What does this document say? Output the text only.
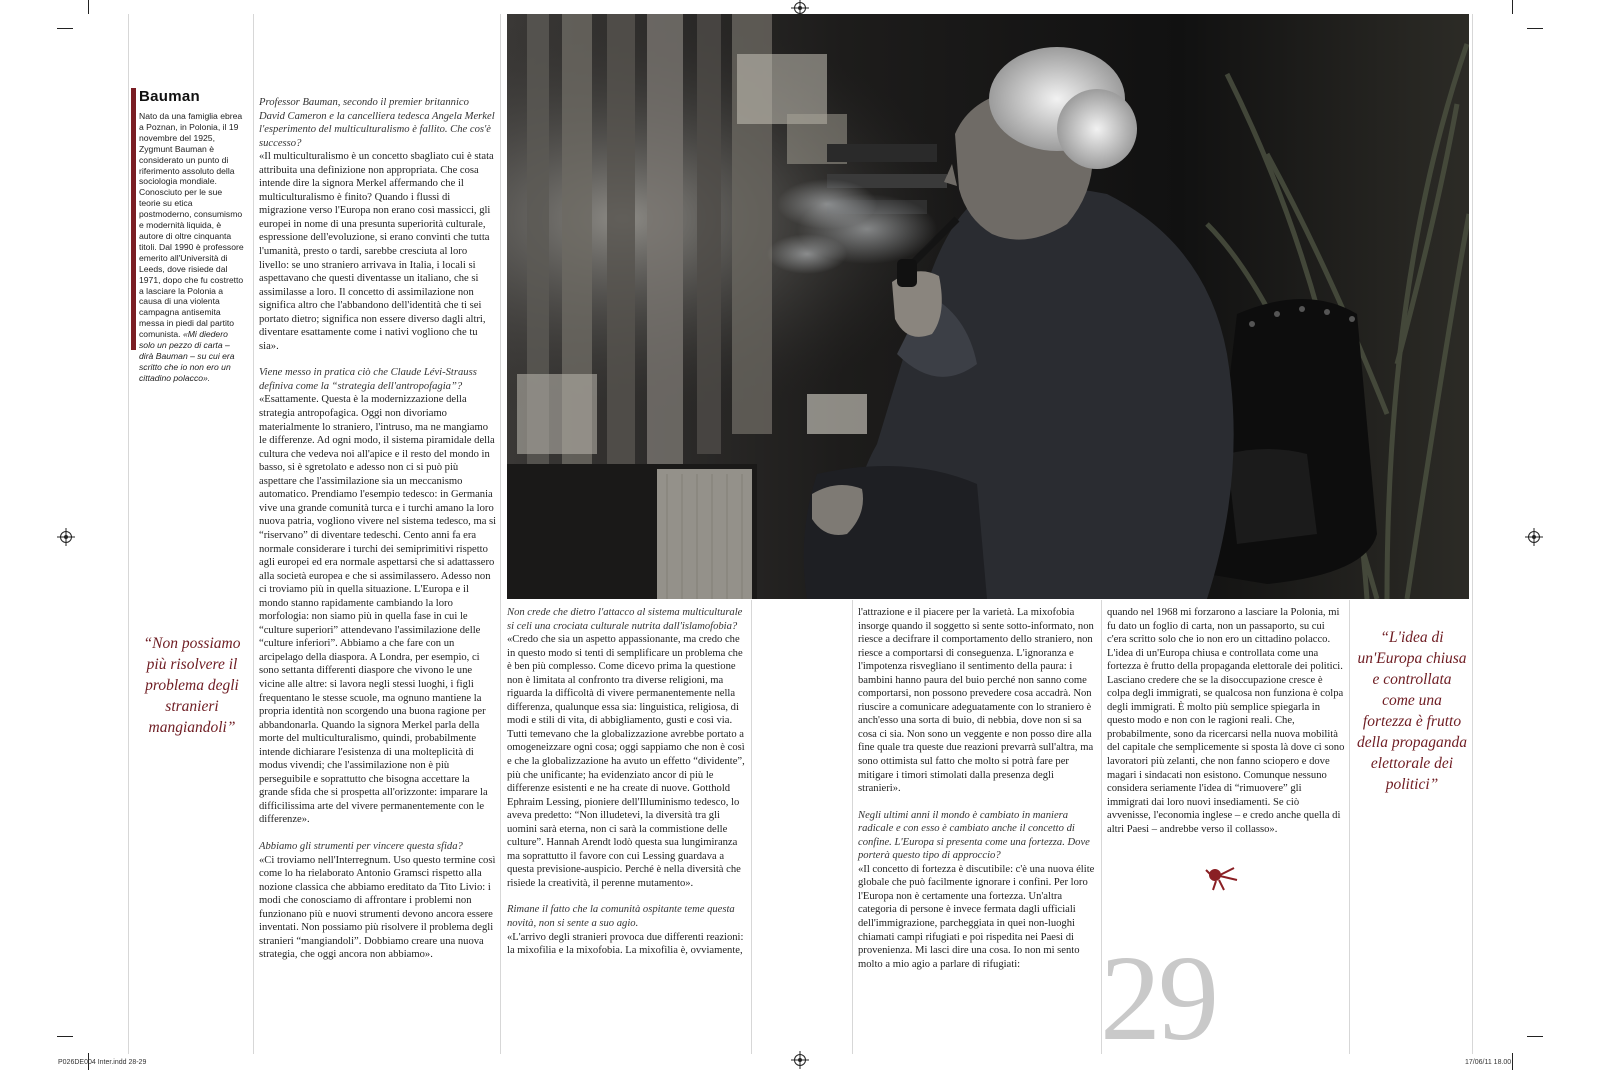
Bauman

Nato da una famiglia ebrea a Poznan, in Polonia, il 19 novembre del 1925, Zygmunt Bauman è considerato un punto di riferimento assoluto della sociologia mondiale. Conosciuto per le sue teorie su etica postmoderno, consumismo e modernità liquida, è autore di oltre cinquanta titoli. Dal 1990 è professore emerito all'Università di Leeds, dove risiede dal 1971, dopo che fu costretto a lasciare la Polonia a causa di una violenta campagna antisemita messa in piedi dal partito comunista. «Mi diedero solo un pezzo di carta – dirà Bauman – su cui era scritto che io non ero un cittadino polacco».

Professor Bauman, secondo il premier britannico David Cameron e la cancelliera tedesca Angela Merkel l'esperimento del multiculturalismo è fallito. Che cos'è successo?

«Il multiculturalismo è un concetto sbagliato cui è stata attribuita una definizione non appropriata. Che cosa intende dire la signora Merkel affermando che il multiculturalismo è finito? Quando i flussi di migrazione verso l'Europa non erano così massicci, gli europei in nome di una presunta superiorità culturale, espressione dell'evoluzione, si erano convinti che tutta l'umanità, presto o tardi, sarebbe cresciuta al loro livello: se uno straniero arrivava in Italia, i locali si aspettavano che questi diventasse un italiano, che si assimilasse a loro. Il concetto di assimilazione non significa altro che l'abbandono dell'identità che ti sei portato dietro; significa non essere diverso dagli altri, diventare esattamente come i nativi vogliono che tu sia».

Viene messo in pratica ciò che Claude Lévi-Strauss definiva come la “strategia dell'antropofagia”?

«Esattamente. Questa è la modernizzazione della strategia antropofagica. Oggi non divoriamo materialmente lo straniero, l'intruso, ma ne mangiamo le differenze. Ad ogni modo, il sistema piramidale della cultura che vedeva noi all'apice e il resto del mondo in basso, si è sgretolato e adesso non ci si può più aspettare che l'assimilazione sia un meccanismo automatico. Prendiamo l'esempio tedesco: in Germania vive una grande comunità turca e i turchi amano la loro nuova patria, vogliono vivere nel sistema tedesco, ma si “riservano” di diventare tedeschi. Cento anni fa era normale considerare i turchi dei semiprimitivi rispetto agli europei ed era normale aspettarsi che si adattassero alla società europea e che si assimilassero. Adesso non ci troviamo più in quella situazione. L'Europa e il mondo stanno rapidamente cambiando la loro morfologia: non siamo più in quella fase in cui le “culture superiori” attendevano l'assimilazione delle “culture inferiori”. Abbiamo a che fare con un arcipelago della diaspora. A Londra, per esempio, ci sono settanta differenti diaspore che vivono le une vicine alle altre: si lavora negli stessi luoghi, i figli frequentano le stesse scuole, ma ognuno mantiene la propria identità non scorgendo una buona ragione per abbandonarla. Quando la signora Merkel parla della morte del multiculturalismo, quindi, probabilmente intende dichiarare l'esistenza di una molteplicità di modus vivendi; che l'assimilazione non è più perseguibile e soprattutto che bisogna accettare la grande sfida che si prospetta all'orizzonte: imparare la difficilissima arte del vivere permanentemente con le differenze».

Abbiamo gli strumenti per vincere questa sfida?

«Ci troviamo nell'Interregnum. Uso questo termine così come lo ha rielaborato Antonio Gramsci rispetto alla nozione classica che abbiamo ereditato da Tito Livio: i modi che conosciamo di affrontare i problemi non funzionano più e nuovi strumenti devono ancora essere inventati. Non possiamo più risolvere il problema degli stranieri “mangiandoli”. Dobbiamo creare una nuova strategia, che oggi ancora non abbiamo».

“Non possiamo più risolvere il problema degli stranieri mangiandoli”

Non crede che dietro l'attacco al sistema multiculturale si celi una crociata culturale nutrita dall'islamofobia?

«Credo che sia un aspetto appassionante, ma credo che in questo modo si tenti di semplificare un problema che è ben più complesso. Come dicevo prima la questione non è limitata al confronto tra diverse religioni, ma riguarda la difficoltà di vivere permanentemente nella differenza, qualunque essa sia: linguistica, religiosa, di modi e stili di vita, di abbigliamento, gusti e così via. Tutti temevano che la globalizzazione avrebbe portato a omogeneizzare ogni cosa; oggi sappiamo che non è così e che la globalizzazione ha avuto un effetto “dividente”, più che unificante; ha evidenziato ancor di più le differenze esistenti e ne ha create di nuove. Gotthold Ephraim Lessing, pioniere dell'Illuminismo tedesco, lo aveva predetto: “Non illudetevi, la diversità tra gli uomini sarà eterna, non ci sarà la commistione delle culture”. Hannah Arendt lodò questa sua lungimiranza ma soprattutto il favore con cui Lessing guardava a questa previsione-auspicio. Perché è nella diversità che risiede la creatività, il perenne mutamento».

Rimane il fatto che la comunità ospitante teme questa novità, non si sente a suo agio.

«L'arrivo degli stranieri provoca due differenti reazioni: la mixofilia e la mixofobia. La mixofilia è, ovviamente,

l'attrazione e il piacere per la varietà. La mixofobia insorge quando il soggetto si sente sotto-informato, non riesce a decifrare il comportamento dello straniero, non riesce a comportarsi di conseguenza. L'ignoranza e l'impotenza risvegliano il sentimento della paura: i bambini hanno paura del buio perché non sanno come comportarsi, non possono prevedere cosa accadrà. Non riuscire a comunicare adeguatamente con lo straniero è anch'esso una sorta di buio, di nebbia, dove non si sa cosa ci sia. Non sono un veggente e non posso dire alla fine quale tra queste due reazioni prevarrà sull'altra, ma sono ottimista sul fatto che molto si potrà fare per mitigare i timori stimolati dalla presenza degli stranieri».

Negli ultimi anni il mondo è cambiato in maniera radicale e con esso è cambiato anche il concetto di confine. L'Europa si presenta come una fortezza. Dove porterà questo tipo di approccio?

«Il concetto di fortezza è discutibile: c'è una nuova élite globale che può facilmente ignorare i confini. Per loro l'Europa non è certamente una fortezza. Un'altra categoria di persone è invece fermata dagli ufficiali dell'immigrazione, parcheggiata in quei non-luoghi chiamati campi rifugiati e poi rispedita nei Paesi di provenienza. Mi lasci dire una cosa. Io non mi sento molto a mio agio a parlare di rifugiati:

quando nel 1968 mi forzarono a lasciare la Polonia, mi fu dato un foglio di carta, non un passaporto, su cui c'era scritto solo che io non ero un cittadino polacco. L'idea di un'Europa chiusa e controllata come una fortezza è frutto della propaganda elettorale dei politici. Lasciano credere che se la disoccupazione cresce è colpa degli immigrati, se qualcosa non funziona è colpa degli immigrati. È molto più semplice spiegarla in questo modo e non con le ragioni reali. Che, probabilmente, sono da ricercarsi nella nuova mobilità del capitale che semplicemente si sposta là dove ci sono lavoratori più zelanti, che non fanno sciopero e dove magari i sindacati non esistono. Comunque nessuno considera seriamente l'idea di “rimuovere” gli immigrati dai loro nuovi insediamenti. Se ciò avvenisse, l'economia inglese – e credo anche quella di altri Paesi – andrebbe verso il collasso».

“L'idea di un'Europa chiusa e controllata come una fortezza è frutto della propaganda elettorale dei politici”
29
P026DE004 Inter.indd 28-29	17/06/11 18.00
